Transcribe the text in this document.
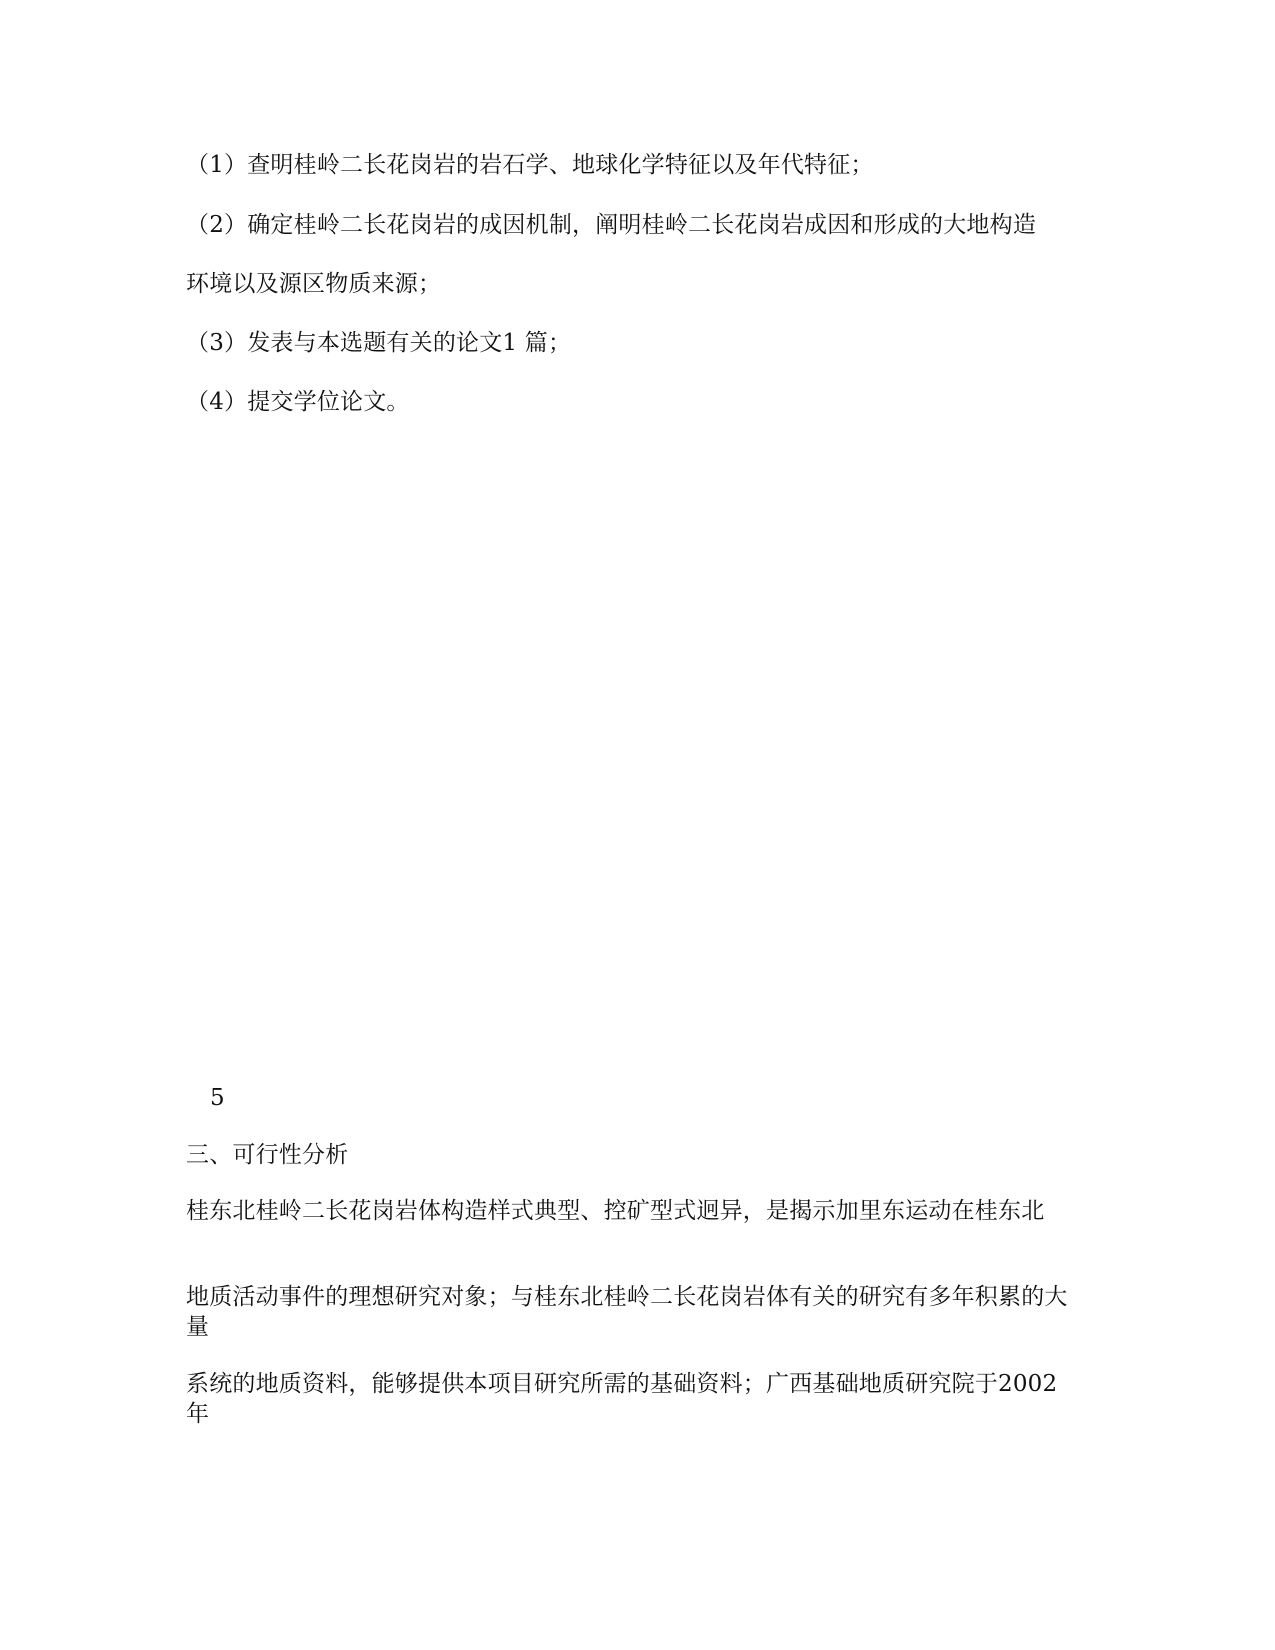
（1）查明桂岭二长花岗岩的岩石学、地球化学特征以及年代特征；
（2）确定桂岭二长花岗岩的成因机制，阐明桂岭二长花岗岩成因和形成的大地构造
环境以及源区物质来源；
（3）发表与本选题有关的论文1 篇；
（4）提交学位论文。
5
三、可行性分析
桂东北桂岭二长花岗岩体构造样式典型、控矿型式迥异，是揭示加里东运动在桂东北
地质活动事件的理想研究对象；与桂东北桂岭二长花岗岩体有关的研究有多年积累的大量
系统的地质资料，能够提供本项目研究所需的基础资料；广西基础地质研究院于2002 年
